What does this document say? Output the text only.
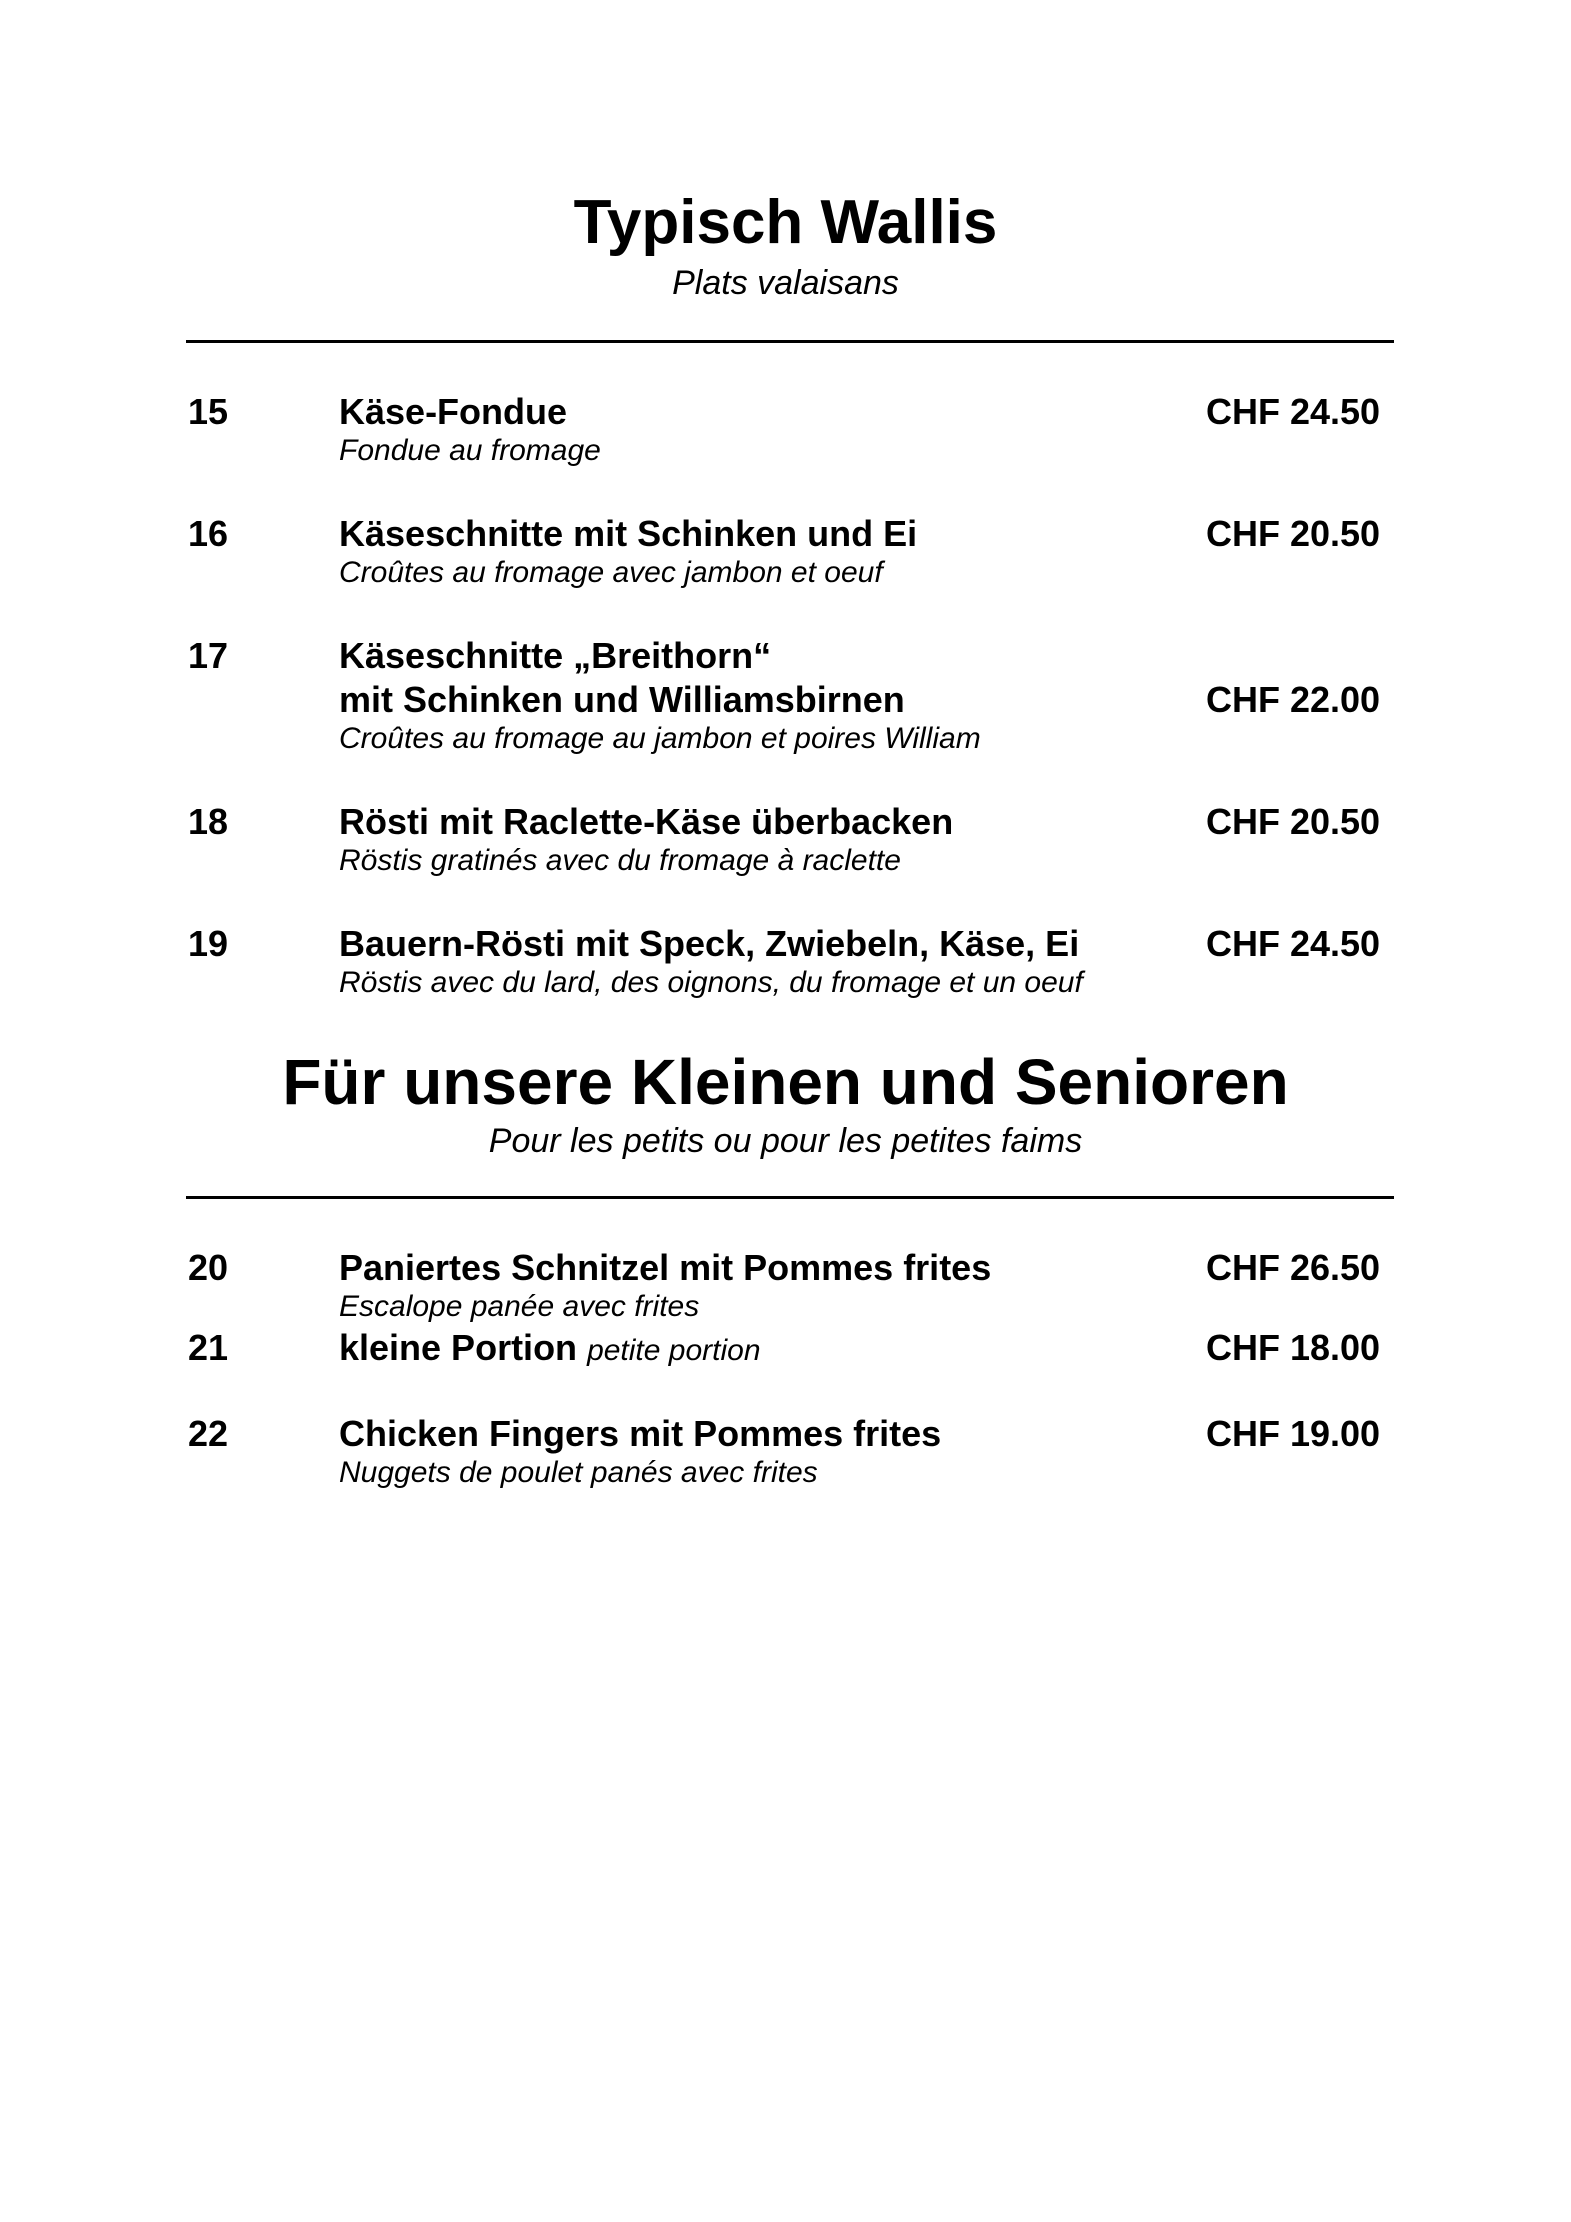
Typisch Wallis

Plats valaisans

15	Käse-Fondue	CHF 24.50
Fondue au fromage
16	Käseschnitte mit Schinken und Ei	CHF 20.50
Croûtes au fromage avec jambon et oeuf
17	Käseschnitte „Breithorn“
mit Schinken und Williamsbirnen	CHF 22.00
Croûtes au fromage au jambon et poires William
18	Rösti mit Raclette-Käse überbacken	CHF 20.50
Röstis gratinés avec du fromage à raclette
19	Bauern-Rösti mit Speck, Zwiebeln, Käse, Ei	CHF 24.50
Röstis avec du lard, des oignons, du fromage et un oeuf
Für unsere Kleinen und Senioren

Pour les petits ou pour les petites faims

20	Paniertes Schnitzel mit Pommes frites	CHF 26.50
Escalope panée avec frites
21	kleine Portion petite portion	CHF 18.00
22	Chicken Fingers mit Pommes frites	CHF 19.00
Nuggets de poulet panés avec frites
